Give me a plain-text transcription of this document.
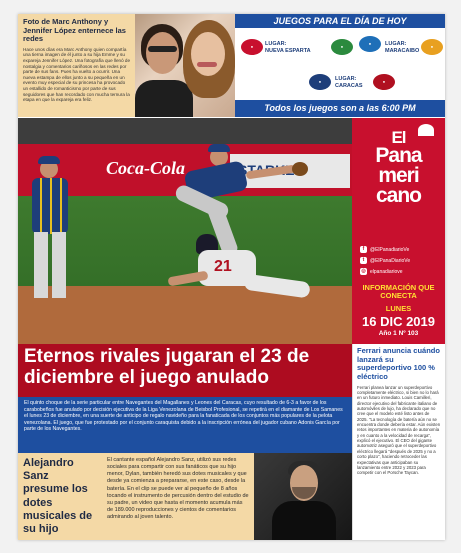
Foto de Marc Anthony y Jennifer López enternece las redes
Hace unos días era Marc Anthony quien compartía una tierna imagen de él junto a su hija Emme y su expareja Jennifer López. Una fotografía que llenó de nostalgia y comentarios cariñosos en las redes por parte de sus fans. Pues ha vuelto a ocurrir. Una nueva estampa de ellos junto a su pequeña en un evento muy especial de su princesa ha provocado un estallido de romanticismo por parte de sus seguidores que han recordado con mucha ternura la etapa en que la expareja era feliz.
JUEGOS PARA EL DÍA DE HOY
●	●
LUGAR:
NUEVA ESPARTA
●
●
LUGAR:
MARACAIBO
●	●
LUGAR:
CARACAS
Todos los juegos son a las 6:00 PM
Coca-Cola
21
El
Pana
meri
cano
f @ElPanadiarioVe
t @ElPanaDiarioVe
◎ elpanadiariove
INFORMACIÓN QUE CONECTA
LUNES
16 DIC 2019
Año 1 Nº 103
Eternos rivales jugaran el 23 de diciembre el juego anulado
El quinto choque de la serie particular entre Navegantes del Magallanes y Leones del Caracas, cuyo resultado de 6-3 a favor de los carabobeños fue anulado por decisión ejecutiva de la Liga Venezolana de Beisbol Profesional, se repetirá en el diamante de Los Samanes el lunes 23 de diciembre, en una suerte de anticipo de regalo navideño para la fanaticada de los conjuntos más populares de la pelota venezolana. El juego, que fue protestado por el conjunto caraquista debido a la inscripción errónea del jugador cubano Adonis García por parte de los Navegantes.
Ferrari anuncia cuándo lanzará su superdeportivo 100 % eléctrico
Ferrari planea lanzar un superdeportivo completamente eléctrico, si bien no lo hará en un futuro inmediato. Louis Camilleri, director ejecutivo del fabricante italiano de automóviles de lujo, ha declarado que no cree que el modelo esté listo antes de 2025. "La tecnología de batería aún no se encuentra donde debería estar. Aún existen retos importantes en materia de autonomía y en cuanto a la velocidad de recarga", explicó el ejecutivo. El CEO del gigante automotriz aseguró que el superdeportivo eléctrico llegará "después de 2025 y no a corto plazo", haciendo retroceder las expectativas que anticipaban su lanzamiento entre 2022 y 2023 para competir con el Porsche Taycan.
Alejandro Sanz presume los dotes musicales de su hijo
El cantante español Alejandro Sanz, utilizó sus redes sociales para compartir con sus fanáticos que su hijo menor, Dylan, también heredó sus dotes musicales y que desde ya comienza a prepararse, en este caso, desde la batería. En el clip se puede ver al pequeño de 8 años tocando el instrumento de percusión dentro del estudio de su padre, un video que hasta el momento acumula más de 189.000 reproducciones y cientos de comentarios admirando al joven talento.
